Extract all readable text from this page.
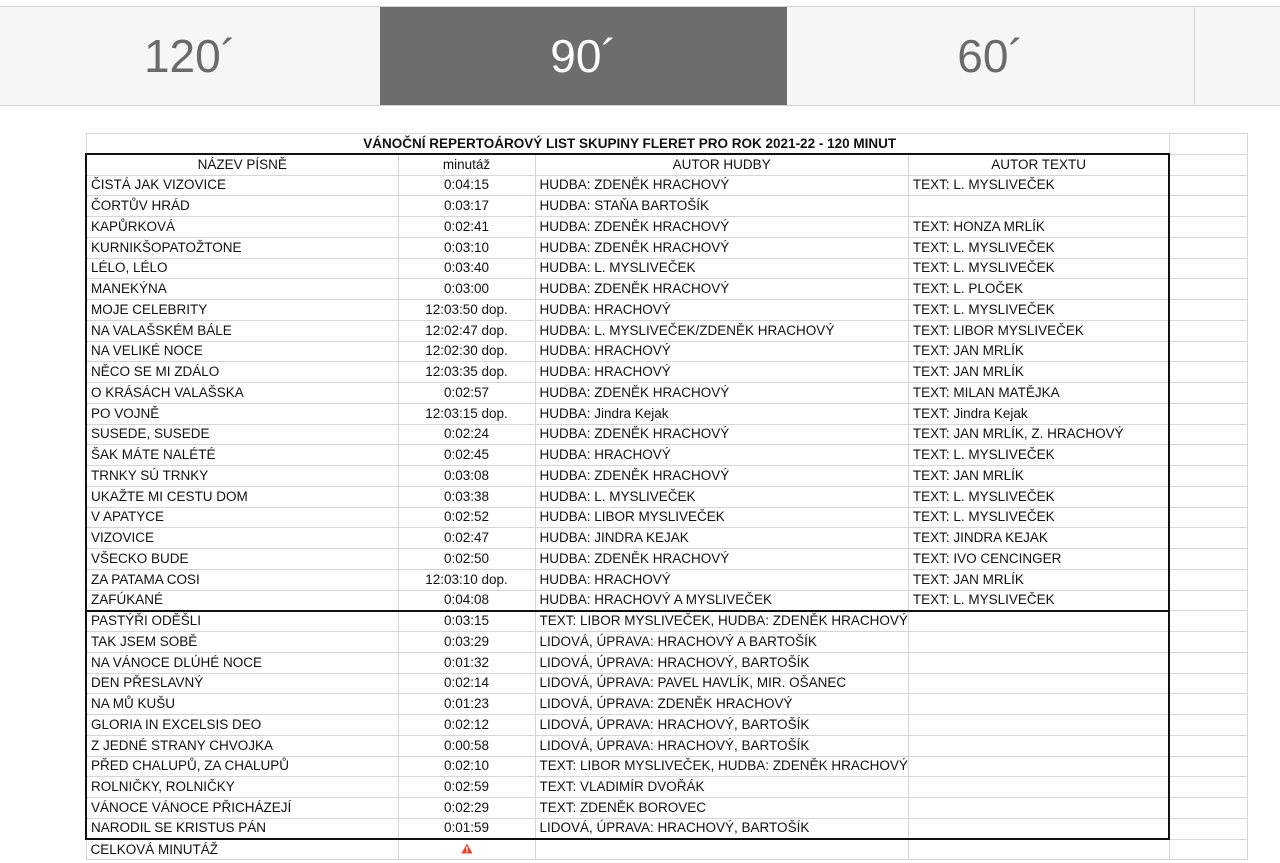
120´	90´	60´
VÁNOČNÍ REPERTOÁROVÝ LIST SKUPINY FLERET PRO ROK 2021-22 - 120 MINUT				
NÁZEV PÍSNĚ	minutáž	AUTOR HUDBY	AUTOR TEXTU	
ČISTÁ JAK VIZOVICE	0:04:15	HUDBA: ZDENĚK HRACHOVÝ	TEXT: L. MYSLIVEČEK	
ČORTŮV HRÁD	0:03:17	HUDBA: STAŇA BARTOŠÍK		
KAPŮRKOVÁ	0:02:41	HUDBA: ZDENĚK HRACHOVÝ	TEXT: HONZA MRLÍK	
KURNIKŠOPATOŽTONE	0:03:10	HUDBA: ZDENĚK HRACHOVÝ	TEXT: L. MYSLIVEČEK	
LÉLO, LÉLO	0:03:40	HUDBA: L. MYSLIVEČEK	TEXT: L. MYSLIVEČEK	
MANEKÝNA	0:03:00	HUDBA: ZDENĚK HRACHOVÝ	TEXT: L. PLOČEK	
MOJE CELEBRITY	12:03:50 dop.	HUDBA: HRACHOVÝ	TEXT: L. MYSLIVEČEK	
NA VALAŠSKÉM BÁLE	12:02:47 dop.	HUDBA: L. MYSLIVEČEK/ZDENĚK HRACHOVÝ	TEXT: LIBOR MYSLIVEČEK	
NA VELIKÉ NOCE	12:02:30 dop.	HUDBA: HRACHOVÝ	TEXT: JAN MRLÍK	
NĚCO SE MI ZDÁLO	12:03:35 dop.	HUDBA: HRACHOVÝ	TEXT: JAN MRLÍK	
O KRÁSÁCH VALAŠSKA	0:02:57	HUDBA: ZDENĚK HRACHOVÝ	TEXT: MILAN MATĚJKA	
PO VOJNĚ	12:03:15 dop.	HUDBA: Jindra Kejak	TEXT: Jindra Kejak	
SUSEDE, SUSEDE	0:02:24	HUDBA: ZDENĚK HRACHOVÝ	TEXT: JAN MRLÍK, Z. HRACHOVÝ	
ŠAK MÁTE NALÉTÉ	0:02:45	HUDBA: HRACHOVÝ	TEXT: L. MYSLIVEČEK	
TRNKY SÚ TRNKY	0:03:08	HUDBA: ZDENĚK HRACHOVÝ	TEXT: JAN MRLÍK	
UKAŽTE MI CESTU DOM	0:03:38	HUDBA: L. MYSLIVEČEK	TEXT: L. MYSLIVEČEK	
V APATYCE	0:02:52	HUDBA: LIBOR MYSLIVEČEK	TEXT: L. MYSLIVEČEK	
VIZOVICE	0:02:47	HUDBA: JINDRA KEJAK	TEXT: JINDRA KEJAK	
VŠECKO BUDE	0:02:50	HUDBA: ZDENĚK HRACHOVÝ	TEXT: IVO CENCINGER	
ZA PATAMA COSI	12:03:10 dop.	HUDBA: HRACHOVÝ	TEXT: JAN MRLÍK	
ZAFÚKANÉ	0:04:08	HUDBA: HRACHOVÝ A MYSLIVEČEK	TEXT: L. MYSLIVEČEK	
PASTÝŘI ODĚŠLI	0:03:15	TEXT: LIBOR MYSLIVEČEK, HUDBA: ZDENĚK HRACHOVÝ		
TAK JSEM SOBĚ	0:03:29	LIDOVÁ, ÚPRAVA: HRACHOVÝ A BARTOŠÍK		
NA VÁNOCE DLÚHÉ NOCE	0:01:32	LIDOVÁ, ÚPRAVA: HRACHOVÝ, BARTOŠÍK		
DEN PŘESLAVNÝ	0:02:14	LIDOVÁ, ÚPRAVA: PAVEL HAVLÍK, MIR. OŠANEC		
NA MŮ KUŠU	0:01:23	LIDOVÁ, ÚPRAVA: ZDENĚK HRACHOVÝ		
GLORIA IN EXCELSIS DEO	0:02:12	LIDOVÁ, ÚPRAVA: HRACHOVÝ, BARTOŠÍK		
Z JEDNÉ STRANY CHVOJKA	0:00:58	LIDOVÁ, ÚPRAVA: HRACHOVÝ, BARTOŠÍK		
PŘED CHALUPŮ, ZA CHALUPŮ	0:02:10	TEXT: LIBOR MYSLIVEČEK, HUDBA: ZDENĚK HRACHOVÝ		
ROLNIČKY, ROLNIČKY	0:02:59	TEXT: VLADIMÍR DVOŘÁK		
VÁNOCE VÁNOCE PŘICHÁZEJÍ	0:02:29	TEXT: ZDENĚK BOROVEC		
NARODIL SE KRISTUS PÁN	0:01:59	LIDOVÁ, ÚPRAVA: HRACHOVÝ, BARTOŠÍK		
CELKOVÁ MINUTÁŽ				
